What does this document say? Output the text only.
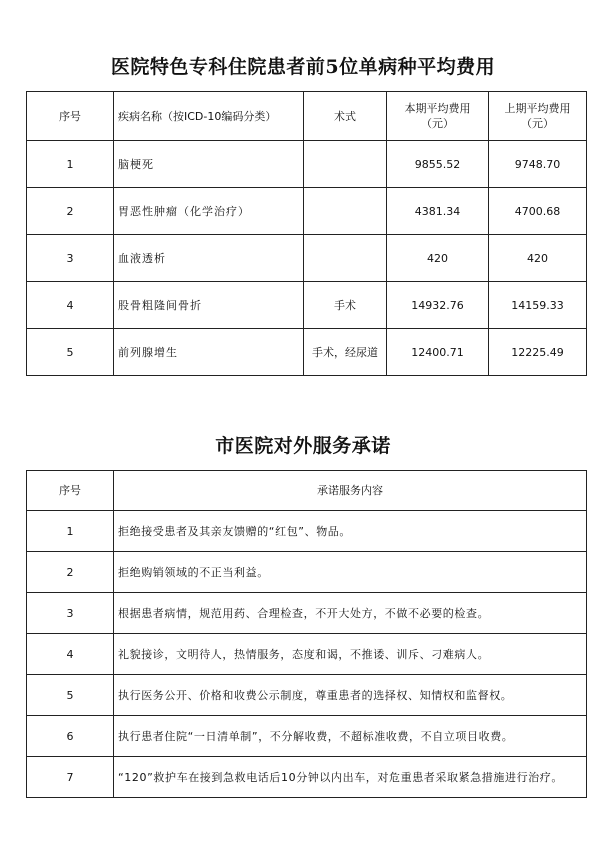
医院特色专科住院患者前5位单病种平均费用
序号	疾病名称（按ICD-10编码分类）	术式	本期平均费用（元）	上期平均费用（元）
1	脑梗死		9855.52	9748.70
2	胃恶性肿瘤（化学治疗）		4381.34	4700.68
3	血液透析		420	420
4	股骨粗隆间骨折	手术	14932.76	14159.33
5	前列腺增生	手术，经尿道	12400.71	12225.49
市医院对外服务承诺
序号	承诺服务内容
1	拒绝接受患者及其亲友馈赠的“红包”、物品。
2	拒绝购销领域的不正当利益。
3	根据患者病情，规范用药、合理检查，不开大处方，不做不必要的检查。
4	礼貌接诊，文明待人，热情服务，态度和谒，不推诿、训斥、刁难病人。
5	执行医务公开、价格和收费公示制度，尊重患者的选择权、知情权和监督权。
6	执行患者住院“一日清单制”，不分解收费，不超标准收费，不自立项目收费。
7	“120”救护车在接到急救电话后10分钟以内出车，对危重患者采取紧急措施进行治疗。
